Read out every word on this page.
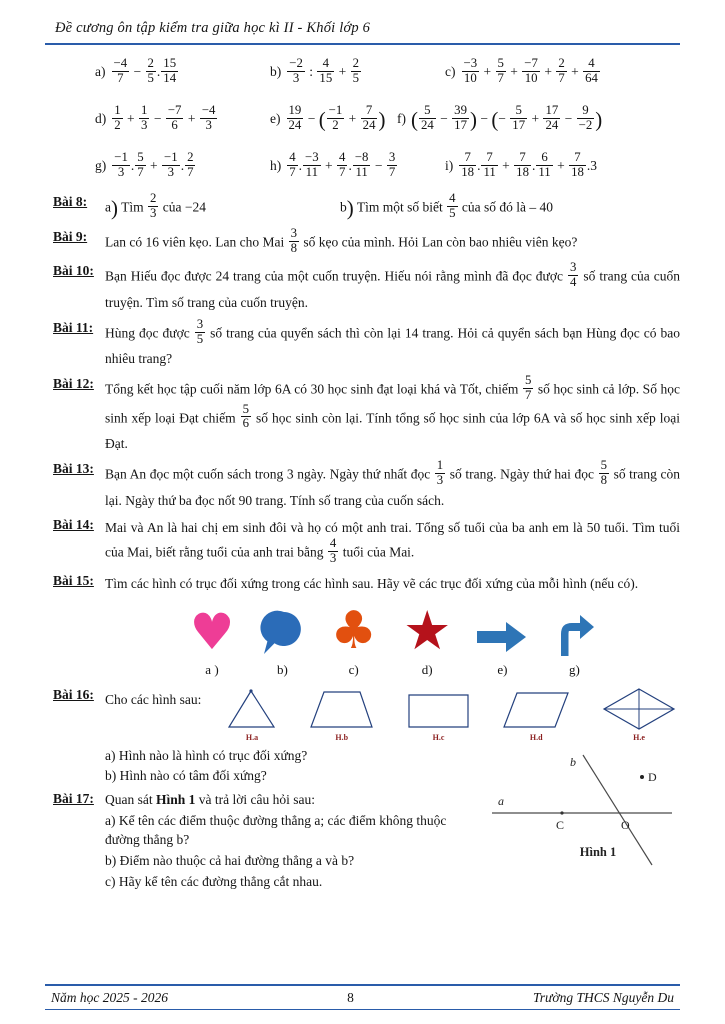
Đề cương ôn tập kiểm tra giữa học kì II - Khối lớp 6
$a) \frac{-4}{7} - \frac{2}{5}$ . $\frac{15}{14}$	$b) \frac{-2}{3}$ : $\frac{4}{15} + \frac{2}{5}$	$c) \frac{-3}{10} + \frac{5}{7} + \frac{-7}{10} + \frac{2}{7} + \frac{4}{64}$
$d) \frac{1}{2} + \frac{1}{3} - \frac{-7}{6} + \frac{-4}{3}$	$e) \frac{19}{24}$ − ( $\frac{-1}{2} + \frac{7}{24}$ ) f) ( $\frac{5}{24} - \frac{39}{17}$ ) − (− $\frac{5}{17} + \frac{17}{24} - \frac{9}{-2}$ )
$g) \frac{-1}{3}$ . $\frac{5}{7} + \frac{-1}{3}$ . $\frac{2}{7}$	$h) \frac{4}{7}$ . $\frac{-3}{11} + \frac{4}{7}$ . $\frac{-8}{11} - \frac{3}{7}$	$i) \frac{7}{18}$ . $\frac{7}{11} + \frac{7}{18}$ . $\frac{6}{11} + \frac{7}{18} .3$
Bài 8:	a) Tìm $\frac{2}{3}$ của −24	b) Tìm một số biết $\frac{4}{5}$ của số đó là – 40
Bài 9:	Lan có 16 viên kẹo. Lan cho Mai $\frac{3}{8}$ số kẹo của mình. Hỏi Lan còn bao nhiêu viên kẹo?
Bài 10: Bạn Hiếu đọc được 24 trang của một cuốn truyện. Hiếu nói rằng mình đã đọc được $\frac{3}{4}$ số trang của cuốn truyện. Tìm số trang của cuốn truyện.
Bài 11: Hùng đọc được $\frac{3}{5}$ số trang của quyển sách thì còn lại 14 trang. Hỏi cả quyển sách bạn Hùng đọc có bao nhiêu trang?
Bài 12: Tổng kết học tập cuối năm lớp 6A có 30 học sinh đạt loại khá và Tốt, chiếm $\frac{5}{7}$ số học sinh cả lớp. Số học sinh xếp loại Đạt chiếm $\frac{5}{6}$ số học sinh còn lại. Tính tổng số học sinh của lớp 6A và số học sinh xếp loại Đạt.
Bài 13: Bạn An đọc một cuốn sách trong 3 ngày. Ngày thứ nhất đọc $\frac{1}{3}$ số trang. Ngày thứ hai đọc $\frac{5}{8}$ số trang còn lại. Ngày thứ ba đọc nốt 90 trang. Tính số trang của cuốn sách.
Bài 14: Mai và An là hai chị em sinh đôi và họ có một anh trai. Tổng số tuổi của ba anh em là 50 tuổi. Tìm tuổi của Mai, biết rằng tuổi của anh trai bằng $\frac{4}{3}$ tuổi của Mai.
Bài 15: Tìm các hình có trục đối xứng trong các hình sau. Hãy vẽ các trục đối xứng của mỗi hình (nếu có).
♥
a )	b)
♣
c)
★
d)	e)	g)
Bài 16: Cho các hình sau:
H.a	H.b	H.c	H.d	H.e
a) Hình nào là hình có trục đối xứng?
b) Hình nào có tâm đối xứng?
Bài 17: Quan sát Hình 1 và trả lời câu hỏi sau:
a) Kể tên các điểm thuộc đường thẳng a; các điểm không thuộc đường thẳng b?
b) Điểm nào thuộc cả hai đường thẳng a và b?
c) Hãy kể tên các đường thẳng cắt nhau.
a
b
C	O
D
Hình 1
Năm học 2025 - 2026	8	Trường THCS Nguyễn Du
